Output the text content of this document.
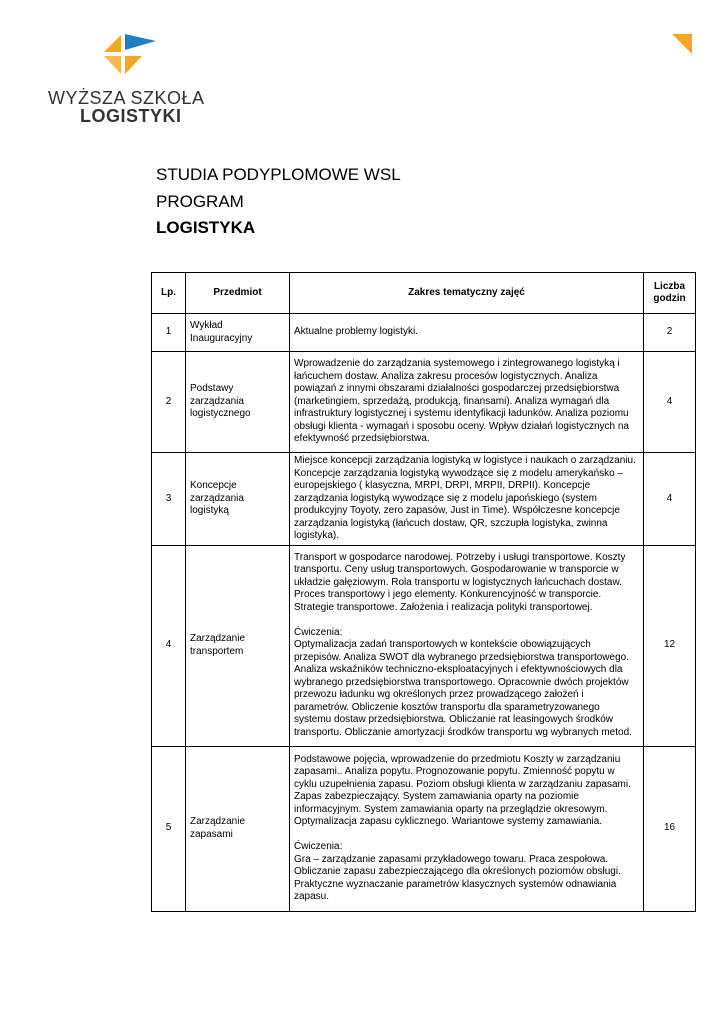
WYŻSZA SZKOŁA
LOGISTYKI
STUDIA PODYPLOMOWE WSL
PROGRAM
LOGISTYKA
Lp.	Przedmiot	Zakres tematyczny zajęć	Liczba godzin
1	Wykład Inauguracyjny	Aktualne problemy logistyki.	2
2	Podstawy zarządzania logistycznego	Wprowadzenie do zarządzania systemowego i zintegrowanego logistyką i łańcuchem dostaw. Analiza zakresu procesów logistycznych. Analiza powiązań z innymi obszarami działalności gospodarczej przedsiębiorstwa (marketingiem, sprzedażą, produkcją, finansami). Analiza wymagań dla infrastruktury logistycznej i systemu identyfikacji ładunków. Analiza poziomu obsługi klienta - wymagań i sposobu oceny. Wpływ działań logistycznych na efektywność przedsiębiorstwa.	4
3	Koncepcje zarządzania logistyką	Miejsce koncepcji zarządzania logistyką w logistyce i naukach o zarządzaniu. Koncepcje zarządzania logistyką wywodzące się z modelu amerykańsko – europejskiego ( klasyczna, MRPI, DRPI, MRPII, DRPII). Koncepcje zarządzania logistyką wywodzące się z modelu japońskiego (system produkcyjny Toyoty, zero zapasów, Just in Time). Współczesne koncepcje zarządzania logistyką (łańcuch dostaw, QR, szczupła logistyka, zwinna logistyka).	4
4	Zarządzanie transportem	Transport w gospodarce narodowej. Potrzeby i usługi transportowe. Koszty transportu. Ceny usług transportowych. Gospodarowanie w transporcie w układzie gałęziowym. Rola transportu w logistycznych łańcuchach dostaw. Proces transportowy i jego elementy. Konkurencyjność w transporcie. Strategie transportowe. Założenia i realizacja polityki transportowej.

Ćwiczenia:
Optymalizacja zadań transportowych w kontekście obowiązujących przepisów. Analiza SWOT dla wybranego przedsiębiorstwa transportowego. Analiza wskaźników techniczno-eksploatacyjnych i efektywnościowych dla wybranego przedsiębiorstwa transportowego. Opracownie dwóch projektów przewozu ładunku wg określonych przez prowadzącego założeń i parametrów. Obliczenie kosztów transportu dla sparametryzowanego systemu dostaw przedsiębiorstwa. Obliczanie rat leasingowych środków transportu. Obliczanie amortyzacji środków transportu wg wybranych metod.	12
5	Zarządzanie zapasami	Podstawowe pojęcia, wprowadzenie do przedmiotu Koszty w zarządzaniu zapasami.. Analiza popytu. Prognozowanie popytu. Zmienność popytu w cyklu uzupełnienia zapasu. Poziom obsługi klienta w zarządzaniu zapasami. Zapas zabezpieczający. System zamawiania oparty na poziomie informacyjnym. System zamawiania oparty na przeglądzie okresowym. Optymalizacja zapasu cyklicznego. Wariantowe systemy zamawiania.

Ćwiczenia:
Gra – zarządzanie zapasami przykładowego towaru. Praca zespołowa. Obliczanie zapasu zabezpieczającego dla określonych poziomów obsługi. Praktyczne wyznaczanie parametrów klasycznych systemów odnawiania zapasu.	16
